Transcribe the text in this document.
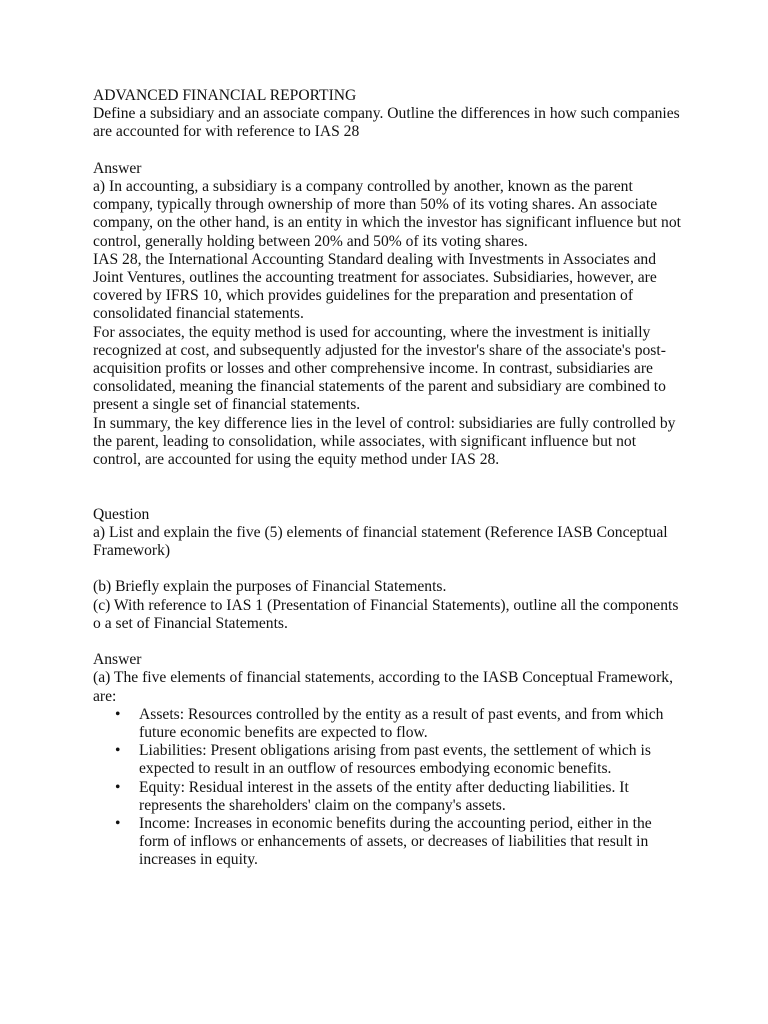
ADVANCED FINANCIAL REPORTING

Define a subsidiary and an associate company. Outline the differences in how such companies are accounted for with reference to IAS 28

Answer

a) In accounting, a subsidiary is a company controlled by another, known as the parent company, typically through ownership of more than 50% of its voting shares. An associate company, on the other hand, is an entity in which the investor has significant influence but not control, generally holding between 20% and 50% of its voting shares.

IAS 28, the International Accounting Standard dealing with Investments in Associates and Joint Ventures, outlines the accounting treatment for associates. Subsidiaries, however, are covered by IFRS 10, which provides guidelines for the preparation and presentation of consolidated financial statements.

For associates, the equity method is used for accounting, where the investment is initially recognized at cost, and subsequently adjusted for the investor's share of the associate's post-acquisition profits or losses and other comprehensive income. In contrast, subsidiaries are consolidated, meaning the financial statements of the parent and subsidiary are combined to present a single set of financial statements.

In summary, the key difference lies in the level of control: subsidiaries are fully controlled by the parent, leading to consolidation, while associates, with significant influence but not control, are accounted for using the equity method under IAS 28.

Question

a) List and explain the five (5) elements of financial statement (Reference IASB Conceptual Framework)

(b) Briefly explain the purposes of Financial Statements.

(c) With reference to IAS 1 (Presentation of Financial Statements), outline all the components o a set of Financial Statements.

Answer

(a) The five elements of financial statements, according to the IASB Conceptual Framework, are:

• Assets: Resources controlled by the entity as a result of past events, and from which future economic benefits are expected to flow.
• Liabilities: Present obligations arising from past events, the settlement of which is expected to result in an outflow of resources embodying economic benefits.
• Equity: Residual interest in the assets of the entity after deducting liabilities. It represents the shareholders' claim on the company's assets.
• Income: Increases in economic benefits during the accounting period, either in the form of inflows or enhancements of assets, or decreases of liabilities that result in increases in equity.
